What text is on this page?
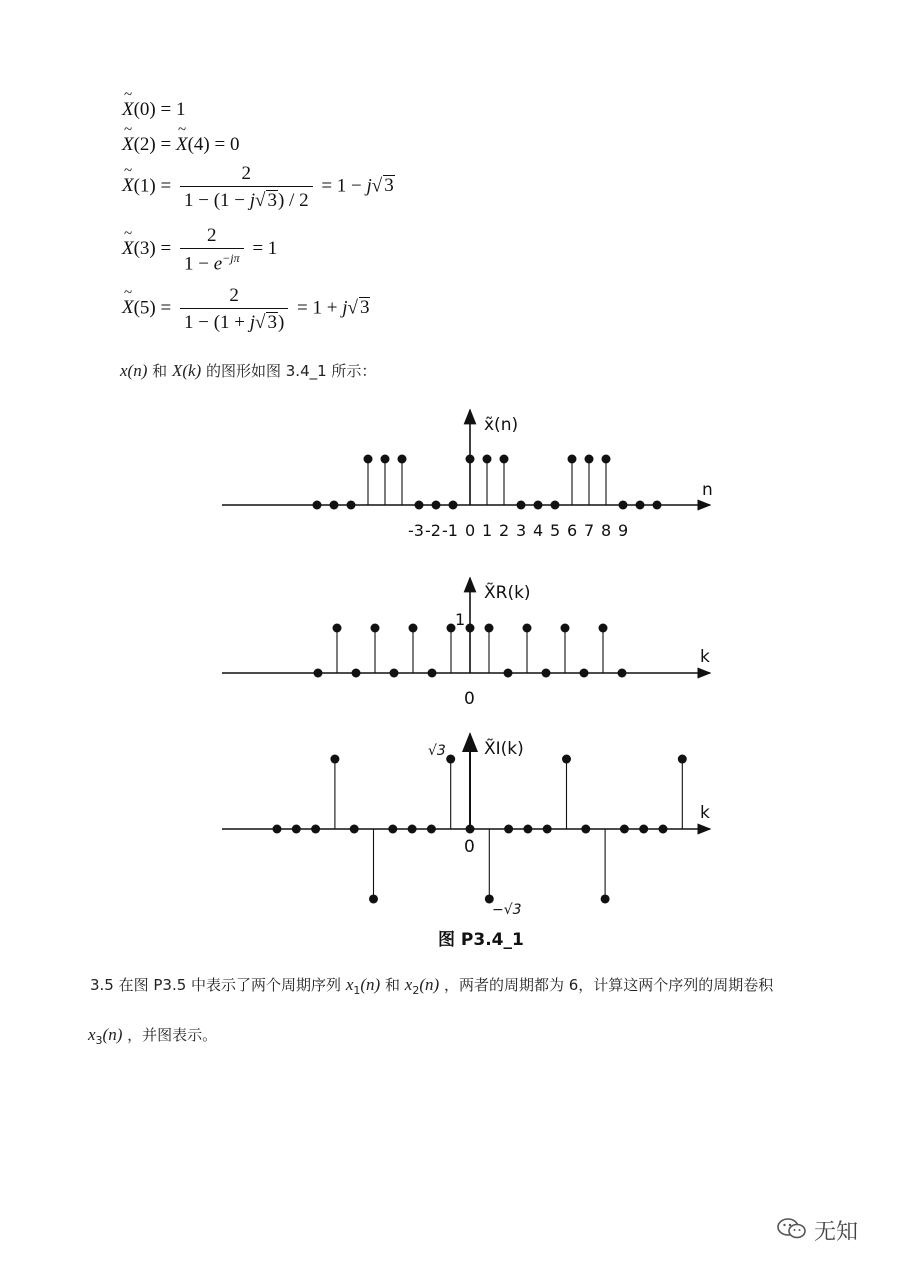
~ X(0) = 1
~ X(2) = ~ X(4) = 0
~ $X(1) = \frac{2}{1 - (1 - j√ 3) / 2} = 1 - j√$ 3
~ $X(3) = \frac{2}{1 - e^{-j\pi}} = 1$
~ $X(5) = \frac{2}{1 - (1 + j√ 3)} = 1 + j√$ 3
x(n) 和 X(k) 的图形如图 3.4_1 所示：
x̃(n)
n
-3 -2 -1 0 1 2 3 4 5 6 7 8 9
X̃R(k)
k
1
0
X̃I(k)
k
√3
−√3
0
图 P3.4_1
3.5 在图 P3.5 中表示了两个周期序列 $x_1(n)$ 和 $x_2(n)$ ，两者的周期都为 6，计算这两个序列的周期卷积
$x_3(n)$ ，并图表示。
无知
